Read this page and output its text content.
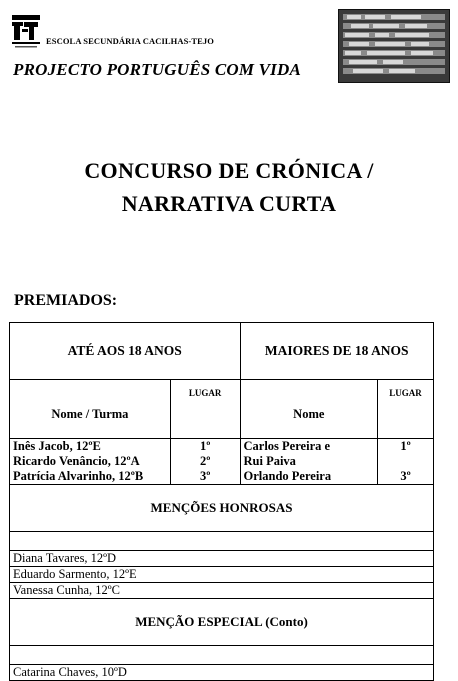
ESCOLA SECUNDÁRIA CACILHAS-TEJO
PROJECTO PORTUGUÊS COM VIDA
CONCURSO DE CRÓNICA /
NARRATIVA CURTA
PREMIADOS:
ATÉ AOS 18 ANOS		MAIORES DE 18 ANOS	
Nome / Turma	LUGAR	Nome	LUGAR
Inês Jacob, 12ºE	1º	Carlos Pereira e	1º
Ricardo Venâncio, 12ºA	2º	Rui Paiva	
Patrícia Alvarinho, 12ºB	3º	Orlando Pereira	3º
MENÇÕES HONROSAS			

Diana Tavares, 12ºD			
Eduardo Sarmento, 12ºE			
Vanessa Cunha, 12ºC			
MENÇÃO ESPECIAL (Conto)			

Catarina Chaves, 10ºD			
